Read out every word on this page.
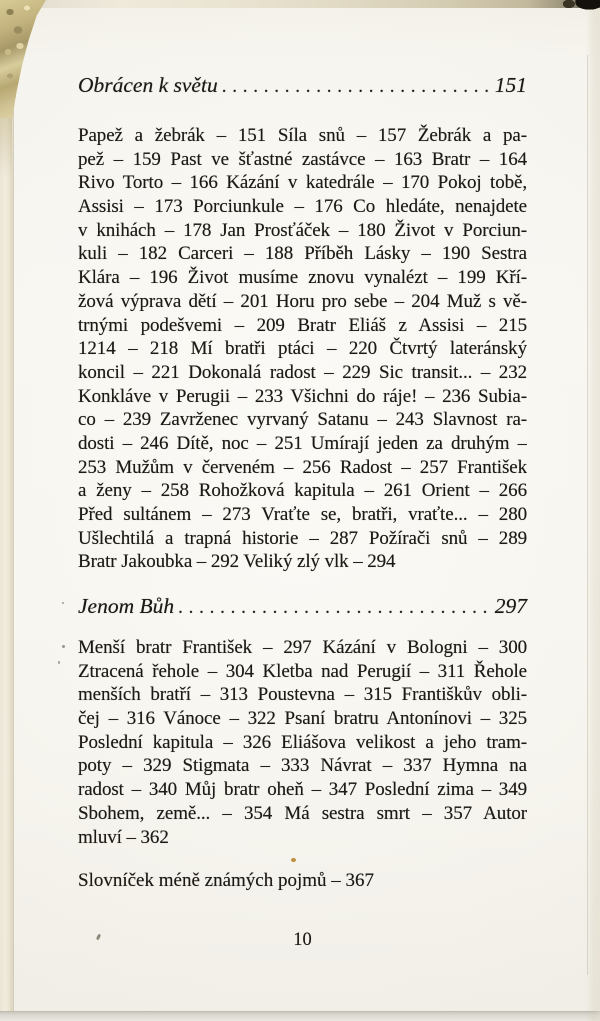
Obrácen k světu . . .	151
Papež a žebrák – 151 Síla snů – 157 Žebrák a pa-
pež – 159 Past ve šťastné zastávce – 163 Bratr – 164
Rivo Torto – 166 Kázání v katedrále – 170 Pokoj tobě,
Assisi – 173 Porciunkule – 176 Co hledáte, nenajdete
v knihách – 178 Jan Prosťáček – 180 Život v Porciun-
kuli – 182 Carceri – 188 Příběh Lásky – 190 Sestra
Klára – 196 Život musíme znovu vynalézt – 199 Kří-
žová výprava dětí – 201 Horu pro sebe – 204 Muž s vě-
trnými podešvemi – 209 Bratr Eliáš z Assisi – 215
1214 – 218 Mí bratři ptáci – 220 Čtvrtý lateránský
koncil – 221 Dokonalá radost – 229 Sic transit... – 232
Konkláve v Perugii – 233 Všichni do ráje! – 236 Subia-
co – 239 Zavrženec vyrvaný Satanu – 243 Slavnost ra-
dosti – 246 Dítě, noc – 251 Umírají jeden za druhým –
253 Mužům v červeném – 256 Radost – 257 František
a ženy – 258 Rohožková kapitula – 261 Orient – 266
Před sultánem – 273 Vraťte se, bratři, vraťte... – 280
Ušlechtilá a trapná historie – 287 Požírači snů – 289
Bratr Jakoubka – 292 Veliký zlý vlk – 294
Jenom Bůh . . .	297
Menší bratr František – 297 Kázání v Bologni – 300
Ztracená řehole – 304 Kletba nad Perugií – 311 Řehole
menších bratří – 313 Poustevna – 315 Františkův obli-
čej – 316 Vánoce – 322 Psaní bratru Antonínovi – 325
Poslední kapitula – 326 Eliášova velikost a jeho tram-
poty – 329 Stigmata – 333 Návrat – 337 Hymna na
radost – 340 Můj bratr oheň – 347 Poslední zima – 349
Sbohem, země... – 354 Má sestra smrt – 357 Autor
mluví – 362
Slovníček méně známých pojmů – 367
10
